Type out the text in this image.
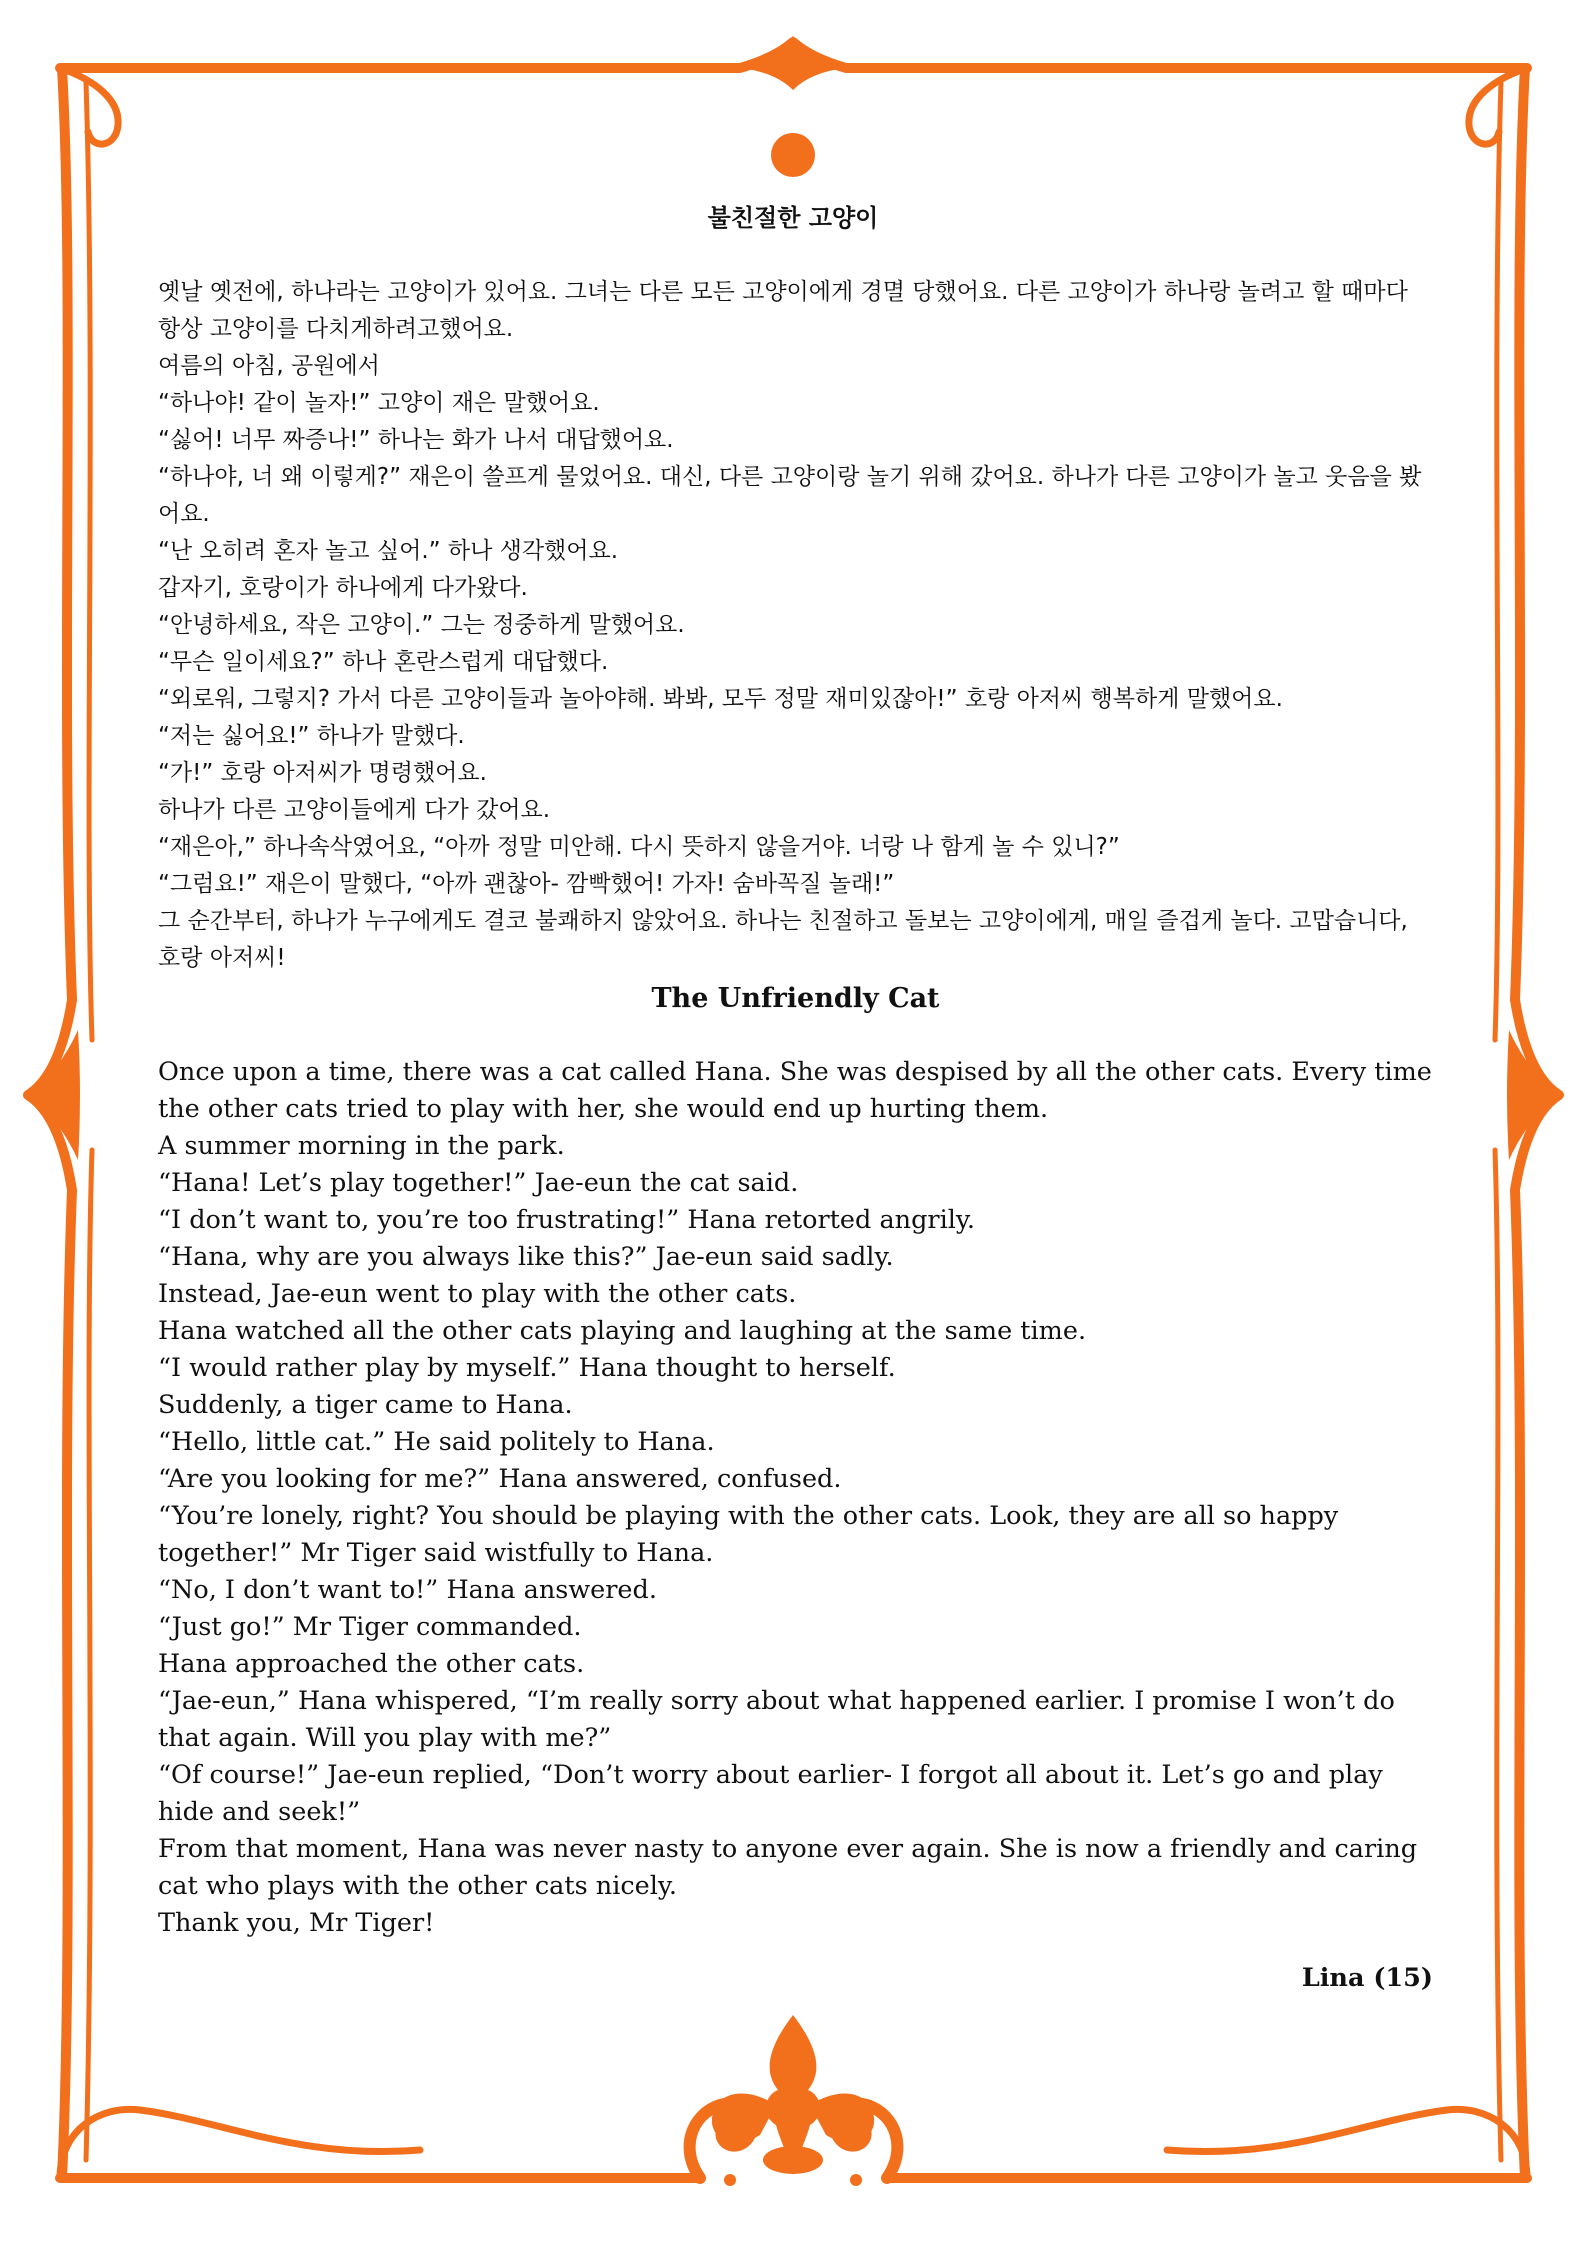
불친절한 고양이

옛날 옛전에, 하나라는 고양이가 있어요. 그녀는 다른 모든 고양이에게 경멸 당했어요. 다른 고양이가 하나랑 놀려고 할 때마다 항상 고양이를 다치게하려고했어요.

여름의 아침, 공원에서

“하나야! 같이 놀자!” 고양이 재은 말했어요.

“싫어! 너무 짜증나!” 하나는 화가 나서 대답했어요.

“하나야, 너 왜 이렇게?” 재은이 쓸프게 물었어요. 대신, 다른 고양이랑 놀기 위해 갔어요. 하나가 다른 고양이가 놀고 웃음을 봤어요.

“난 오히려 혼자 놀고 싶어.” 하나 생각했어요.

갑자기, 호랑이가 하나에게 다가왔다.

“안녕하세요, 작은 고양이.” 그는 정중하게 말했어요.

“무슨 일이세요?” 하나 혼란스럽게 대답했다.

“외로워, 그렇지? 가서 다른 고양이들과 놀아야해. 봐봐, 모두 정말 재미있잖아!” 호랑 아저씨 행복하게 말했어요.

“저는 싫어요!” 하나가 말했다.

“가!” 호랑 아저씨가 명령했어요.

하나가 다른 고양이들에게 다가 갔어요.

“재은아,” 하나속삭였어요, “아까 정말 미안해. 다시 뜻하지 않을거야. 너랑 나 함게 놀 수 있니?”

“그럼요!” 재은이 말했다, “아까 괜찮아- 깜빡했어! 가자! 숨바꼭질 놀래!”

그 순간부터, 하나가 누구에게도 결코 불쾌하지 않았어요. 하나는 친절하고 돌보는 고양이에게, 매일 즐겁게 놀다. 고맙습니다, 호랑 아저씨!

The Unfriendly Cat

Once upon a time, there was a cat called Hana. She was despised by all the other cats. Every time the other cats tried to play with her, she would end up hurting them.

A summer morning in the park.

“Hana! Let’s play together!” Jae-eun the cat said.

“I don’t want to, you’re too frustrating!” Hana retorted angrily.

“Hana, why are you always like this?” Jae-eun said sadly.

Instead, Jae-eun went to play with the other cats.

Hana watched all the other cats playing and laughing at the same time.

“I would rather play by myself.” Hana thought to herself.

Suddenly, a tiger came to Hana.

“Hello, little cat.” He said politely to Hana.

“Are you looking for me?” Hana answered, confused.

“You’re lonely, right? You should be playing with the other cats. Look, they are all so happy together!” Mr Tiger said wistfully to Hana.

“No, I don’t want to!” Hana answered.

“Just go!” Mr Tiger commanded.

Hana approached the other cats.

“Jae-eun,” Hana whispered, “I’m really sorry about what happened earlier. I promise I won’t do that again. Will you play with me?”

“Of course!” Jae-eun replied, “Don’t worry about earlier- I forgot all about it. Let’s go and play hide and seek!”

From that moment, Hana was never nasty to anyone ever again. She is now a friendly and caring cat who plays with the other cats nicely.

Thank you, Mr Tiger!

Lina (15)
